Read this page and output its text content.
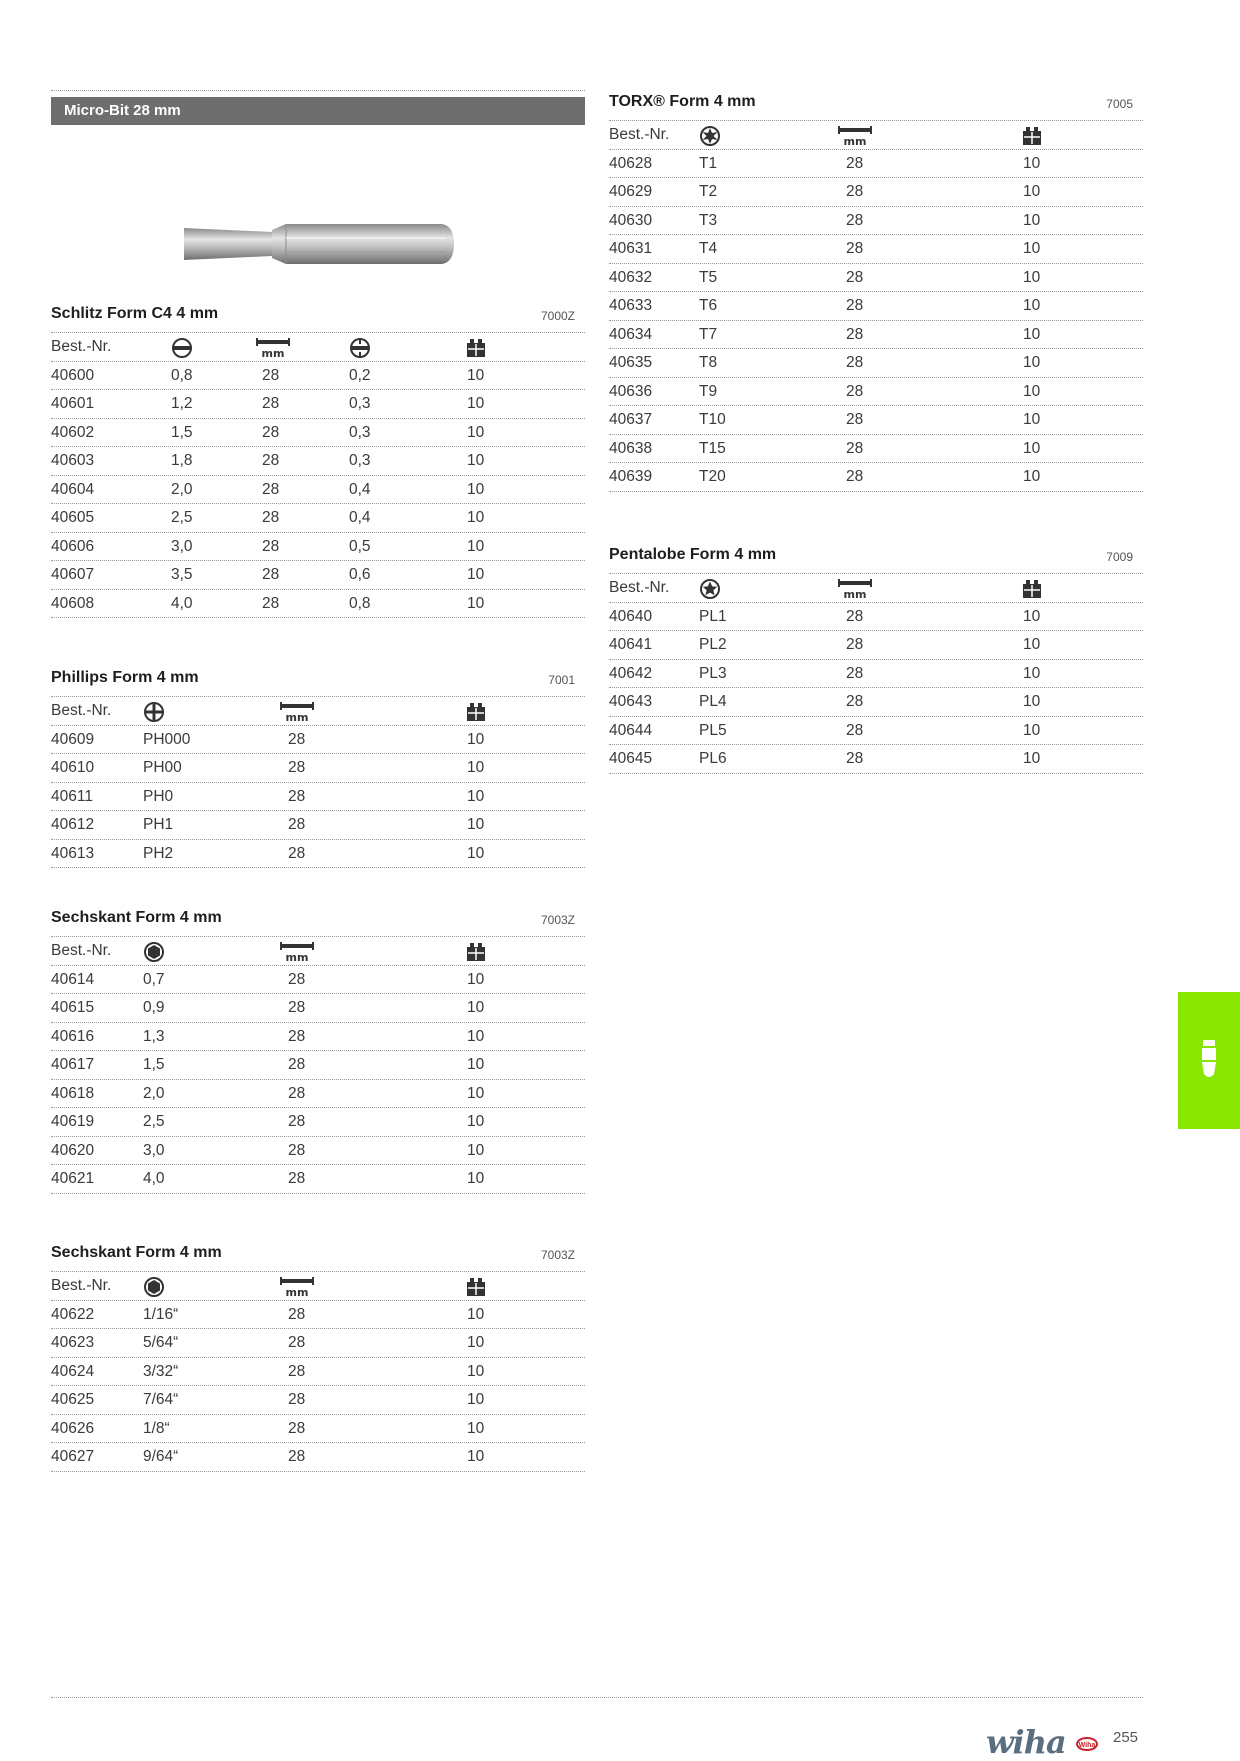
Micro-Bit 28 mm
Schlitz Form C4 4 mm	7000Z
Best.-Nr.	mm
40600	0,8	28	0,2	10
40601	1,2	28	0,3	10
40602	1,5	28	0,3	10
40603	1,8	28	0,3	10
40604	2,0	28	0,4	10
40605	2,5	28	0,4	10
40606	3,0	28	0,5	10
40607	3,5	28	0,6	10
40608	4,0	28	0,8	10
Phillips Form 4 mm	7001
Best.-Nr.	mm
40609	PH000	28	10
40610	PH00	28	10
40611	PH0	28	10
40612	PH1	28	10
40613	PH2	28	10
Sechskant Form 4 mm	7003Z
Best.-Nr.	mm
40614	0,7	28	10
40615	0,9	28	10
40616	1,3	28	10
40617	1,5	28	10
40618	2,0	28	10
40619	2,5	28	10
40620	3,0	28	10
40621	4,0	28	10
Sechskant Form 4 mm	7003Z
Best.-Nr.	mm
40622	1/16“	28	10
40623	5/64“	28	10
40624	3/32“	28	10
40625	7/64“	28	10
40626	1/8“	28	10
40627	9/64“	28	10
TORX® Form 4 mm	7005
Best.-Nr.	mm
40628	T1	28	10
40629	T2	28	10
40630	T3	28	10
40631	T4	28	10
40632	T5	28	10
40633	T6	28	10
40634	T7	28	10
40635	T8	28	10
40636	T9	28	10
40637	T10	28	10
40638	T15	28	10
40639	T20	28	10
Pentalobe Form 4 mm	7009
Best.-Nr.	mm
40640	PL1	28	10
40641	PL2	28	10
40642	PL3	28	10
40643	PL4	28	10
40644	PL5	28	10
40645	PL6	28	10
wiha	Wiha 255
